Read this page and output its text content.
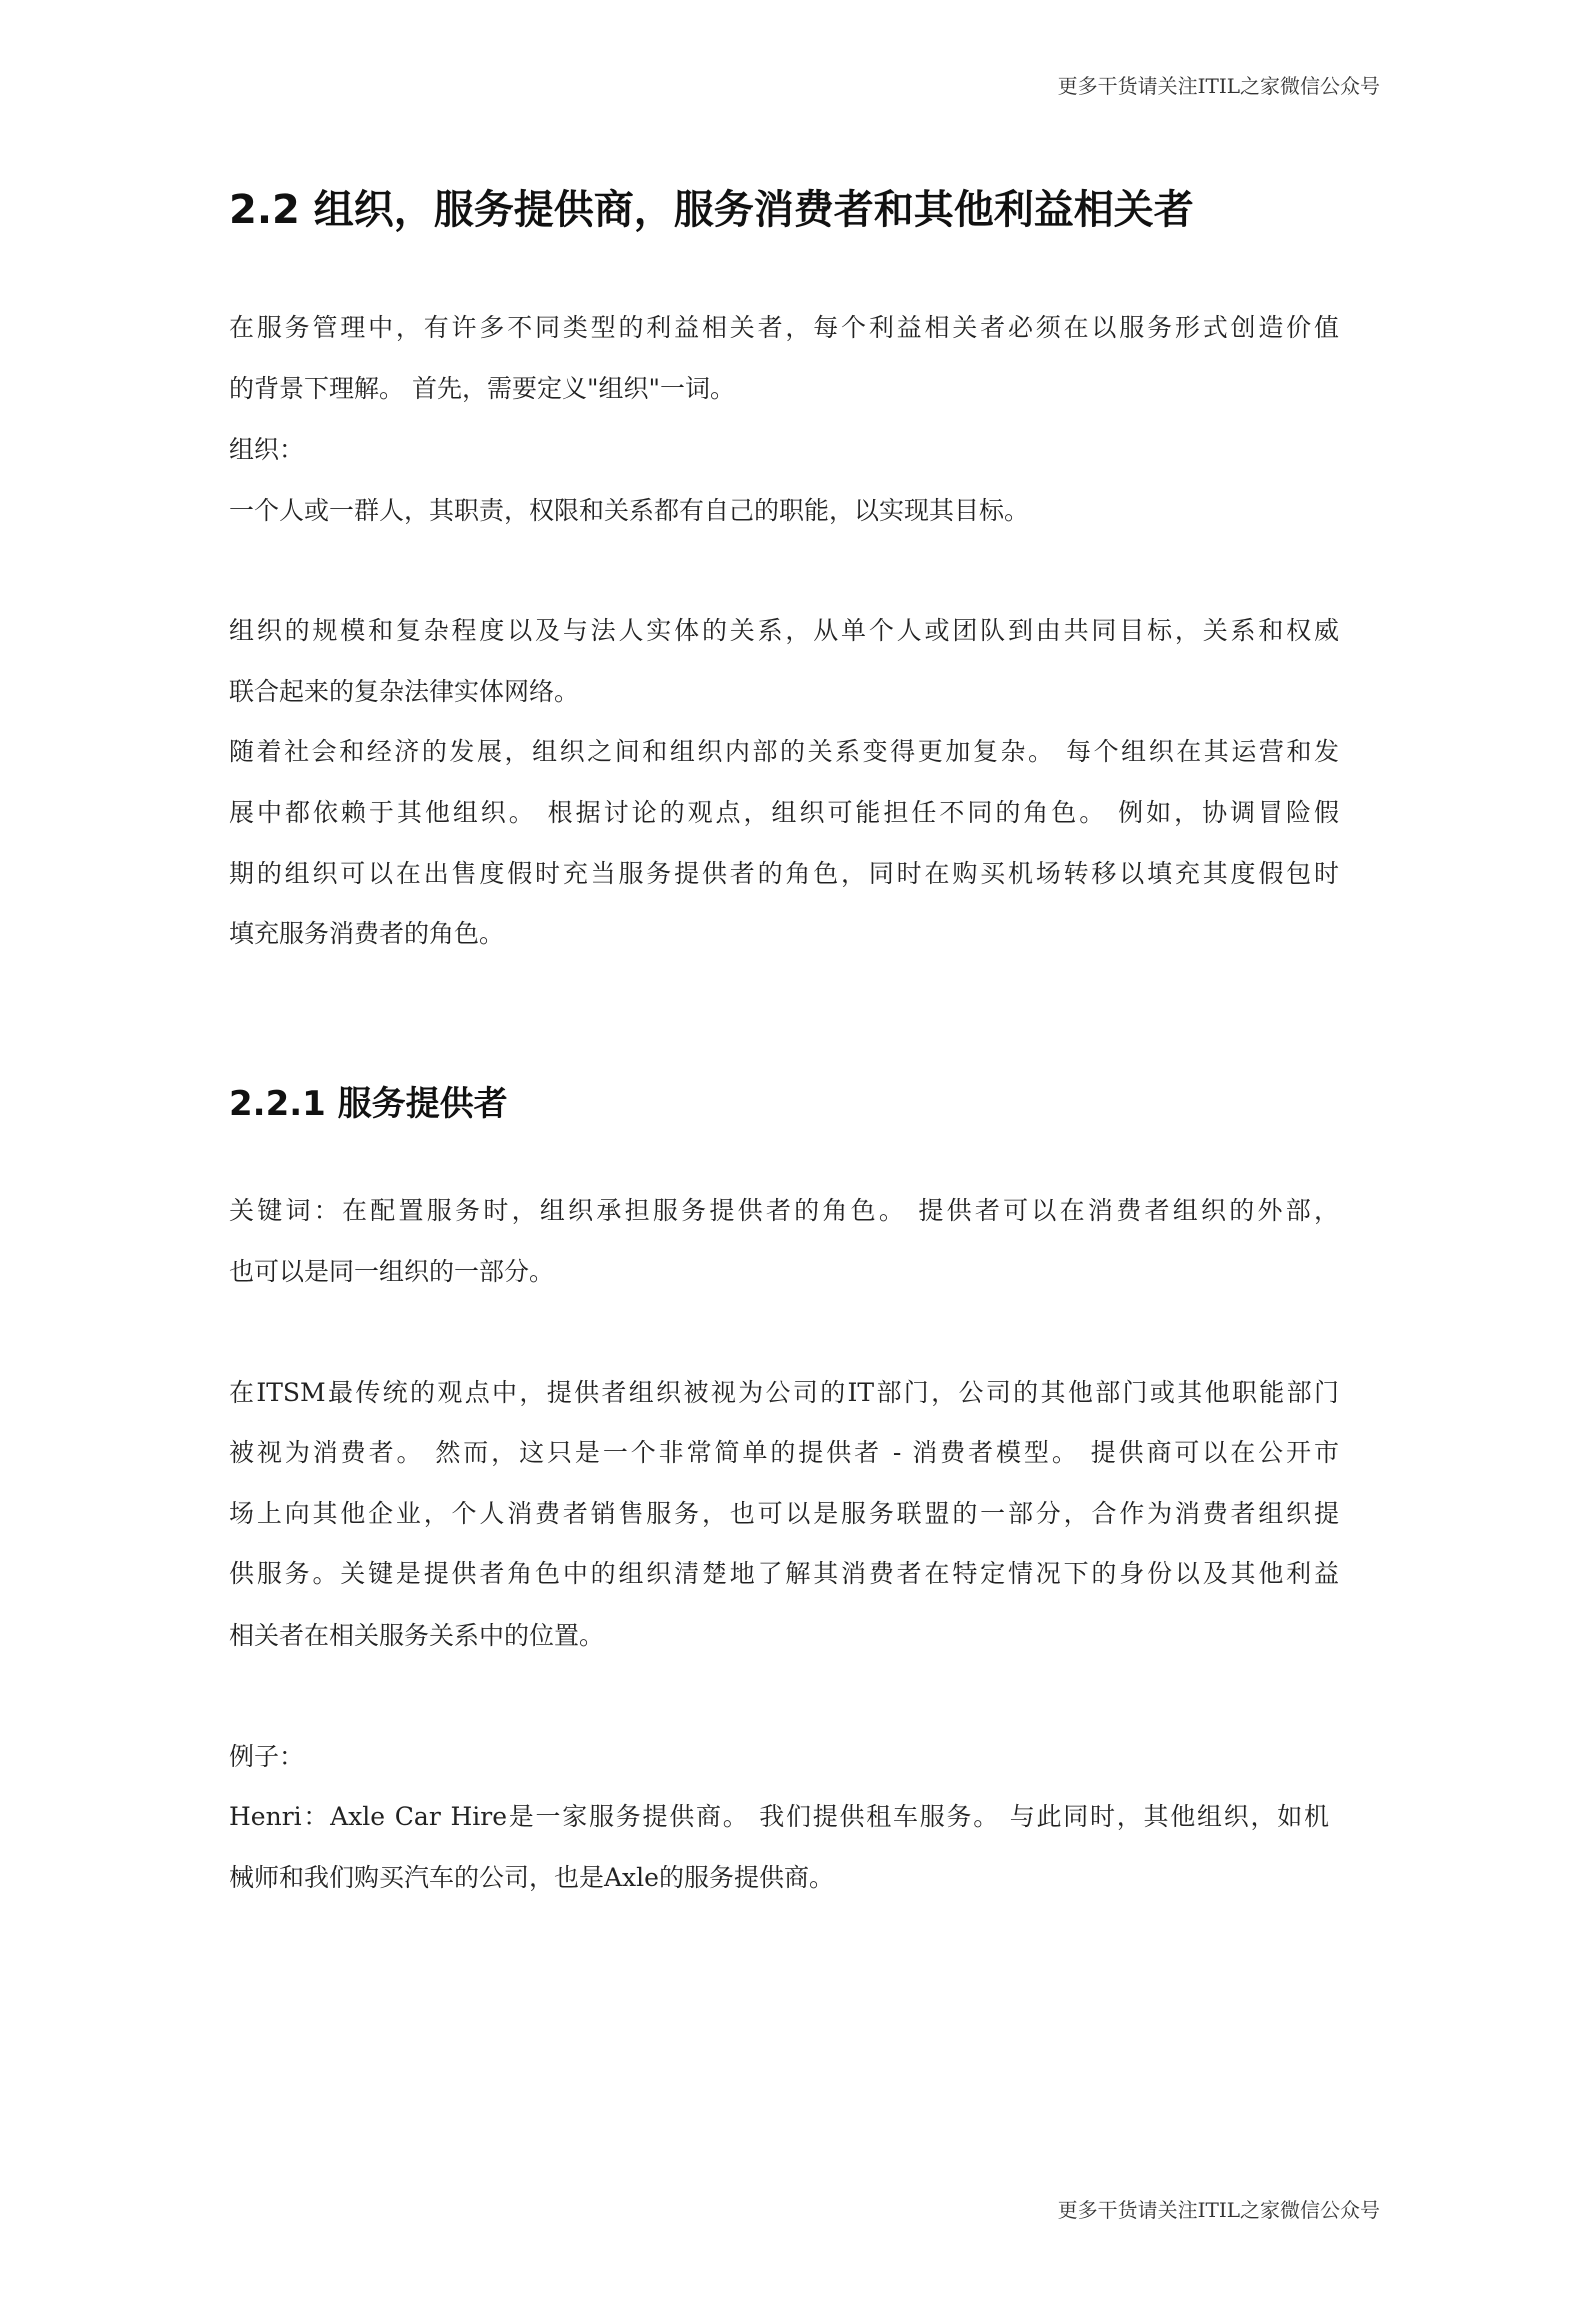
更多干货请关注ITIL之家微信公众号
2.2 组织，服务提供商，服务消费者和其他利益相关者
在服务管理中，有许多不同类型的利益相关者，每个利益相关者必须在以服务形式创造价值
的背景下理解。 首先，需要定义"组织"一词。
组织：
一个人或一群人，其职责，权限和关系都有自己的职能，以实现其目标。
组织的规模和复杂程度以及与法人实体的关系，从单个人或团队到由共同目标，关系和权威
联合起来的复杂法律实体网络。
随着社会和经济的发展，组织之间和组织内部的关系变得更加复杂。 每个组织在其运营和发
展中都依赖于其他组织。 根据讨论的观点，组织可能担任不同的角色。 例如，协调冒险假
期的组织可以在出售度假时充当服务提供者的角色，同时在购买机场转移以填充其度假包时
填充服务消费者的角色。
2.2.1 服务提供者
关键词：在配置服务时，组织承担服务提供者的角色。 提供者可以在消费者组织的外部，
也可以是同一组织的一部分。
在ITSM最传统的观点中，提供者组织被视为公司的IT部门，公司的其他部门或其他职能部门
被视为消费者。 然而，这只是一个非常简单的提供者 - 消费者模型。 提供商可以在公开市
场上向其他企业，个人消费者销售服务，也可以是服务联盟的一部分，合作为消费者组织提
供服务。关键是提供者角色中的组织清楚地了解其消费者在特定情况下的身份以及其他利益
相关者在相关服务关系中的位置。
例子：
Henri：Axle Car Hire是一家服务提供商。 我们提供租车服务。 与此同时，其他组织，如机
械师和我们购买汽车的公司，也是Axle的服务提供商。
更多干货请关注ITIL之家微信公众号
